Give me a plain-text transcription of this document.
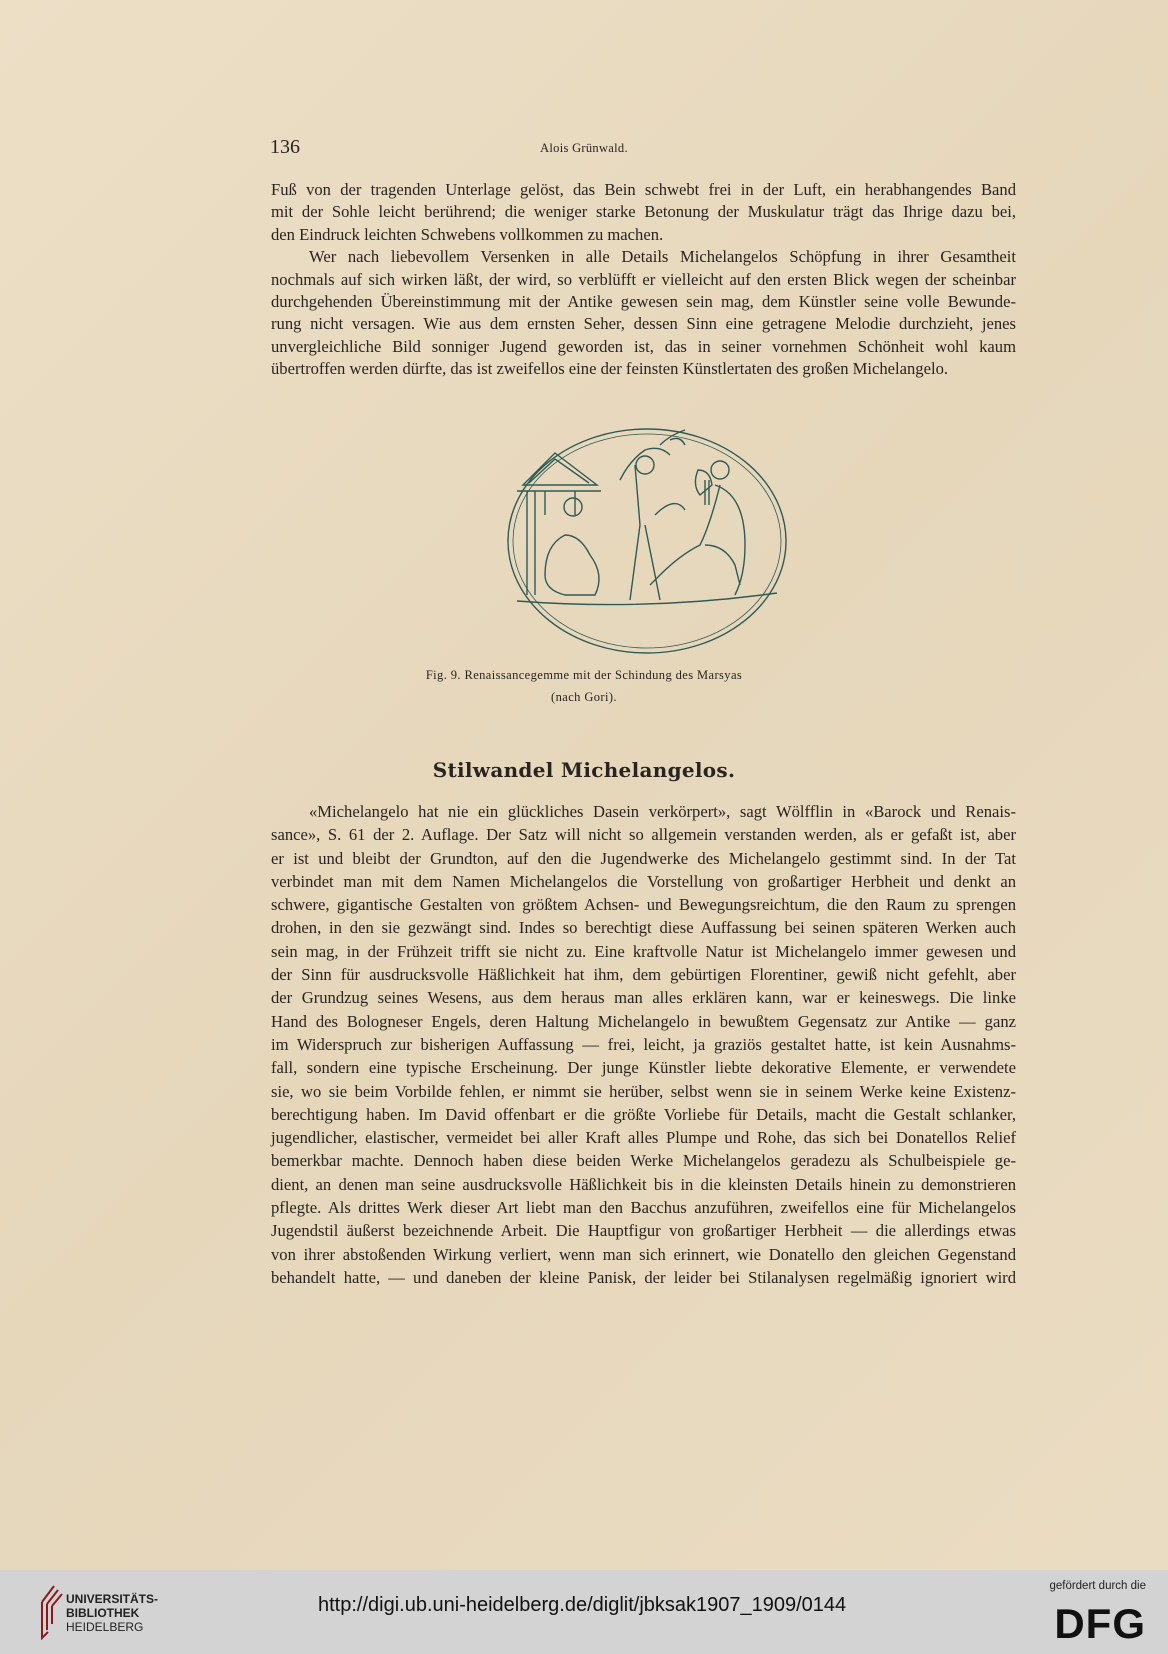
136	Alois Grünwald.
Fuß von der tragenden Unterlage gelöst, das Bein schwebt frei in der Luft, ein herabhangendes Band
mit der Sohle leicht berührend; die weniger starke Betonung der Muskulatur trägt das Ihrige dazu bei,
den Eindruck leichten Schwebens vollkommen zu machen.
Wer nach liebevollem Versenken in alle Details Michelangelos Schöpfung in ihrer Gesamtheit
nochmals auf sich wirken läßt, der wird, so verblüfft er vielleicht auf den ersten Blick wegen der scheinbar
durchgehenden Übereinstimmung mit der Antike gewesen sein mag, dem Künstler seine volle Bewunde-
rung nicht versagen. Wie aus dem ernsten Seher, dessen Sinn eine getragene Melodie durchzieht, jenes
unvergleichliche Bild sonniger Jugend geworden ist, das in seiner vornehmen Schönheit wohl kaum
übertroffen werden dürfte, das ist zweifellos eine der feinsten Künstlertaten des großen Michelangelo.
Fig. 9. Renaissancegemme mit der Schindung des Marsyas
(nach Gori).
Stilwandel Michelangelos.
«Michelangelo hat nie ein glückliches Dasein verkörpert», sagt Wölfflin in «Barock und Renais-
sance», S. 61 der 2. Auflage. Der Satz will nicht so allgemein verstanden werden, als er gefaßt ist, aber
er ist und bleibt der Grundton, auf den die Jugendwerke des Michelangelo gestimmt sind. In der Tat
verbindet man mit dem Namen Michelangelos die Vorstellung von großartiger Herbheit und denkt an
schwere, gigantische Gestalten von größtem Achsen- und Bewegungsreichtum, die den Raum zu sprengen
drohen, in den sie gezwängt sind. Indes so berechtigt diese Auffassung bei seinen späteren Werken auch
sein mag, in der Frühzeit trifft sie nicht zu. Eine kraftvolle Natur ist Michelangelo immer gewesen und
der Sinn für ausdrucksvolle Häßlichkeit hat ihm, dem gebürtigen Florentiner, gewiß nicht gefehlt, aber
der Grundzug seines Wesens, aus dem heraus man alles erklären kann, war er keineswegs. Die linke
Hand des Bologneser Engels, deren Haltung Michelangelo in bewußtem Gegensatz zur Antike — ganz
im Widerspruch zur bisherigen Auffassung — frei, leicht, ja graziös gestaltet hatte, ist kein Ausnahms-
fall, sondern eine typische Erscheinung. Der junge Künstler liebte dekorative Elemente, er verwendete
sie, wo sie beim Vorbilde fehlen, er nimmt sie herüber, selbst wenn sie in seinem Werke keine Existenz-
berechtigung haben. Im David offenbart er die größte Vorliebe für Details, macht die Gestalt schlanker,
jugendlicher, elastischer, vermeidet bei aller Kraft alles Plumpe und Rohe, das sich bei Donatellos Relief
bemerkbar machte. Dennoch haben diese beiden Werke Michelangelos geradezu als Schulbeispiele ge-
dient, an denen man seine ausdrucksvolle Häßlichkeit bis in die kleinsten Details hinein zu demonstrieren
pflegte. Als drittes Werk dieser Art liebt man den Bacchus anzuführen, zweifellos eine für Michelangelos
Jugendstil äußerst bezeichnende Arbeit. Die Hauptfigur von großartiger Herbheit — die allerdings etwas
von ihrer abstoßenden Wirkung verliert, wenn man sich erinnert, wie Donatello den gleichen Gegenstand
behandelt hatte, — und daneben der kleine Panisk, der leider bei Stilanalysen regelmäßig ignoriert wird
UNIVERSITÄTS-
BIBLIOTHEK
HEIDELBERG
http://digi.ub.uni-heidelberg.de/diglit/jbksak1907_1909/0144
gefördert durch die
DFG
